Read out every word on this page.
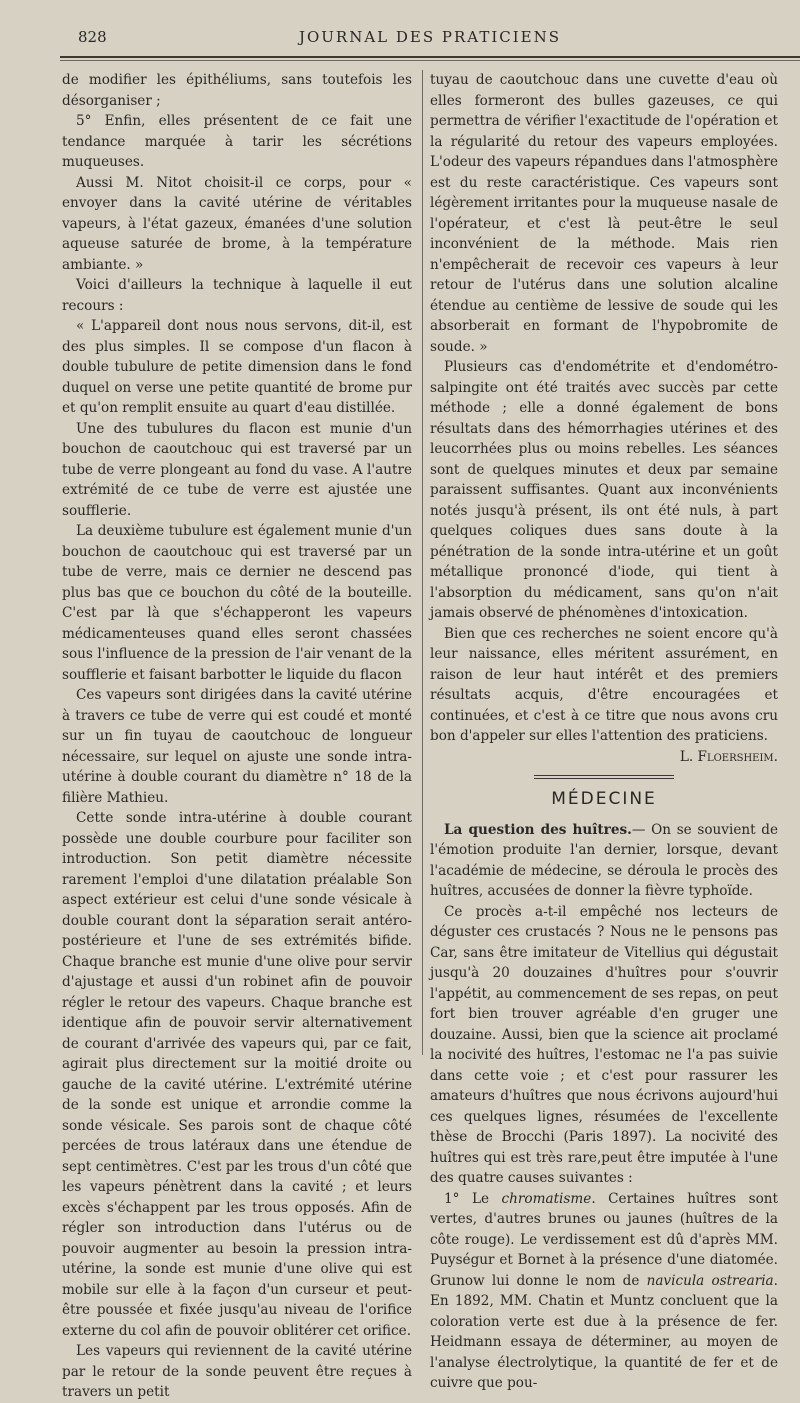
828	JOURNAL DES PRATICIENS

de modifier les épithéliums, sans toutefois les désorganiser ;

5° Enfin, elles présentent de ce fait une tendance marquée à tarir les sécrétions muqueuses.

Aussi M. Nitot choisit-il ce corps, pour « envoyer dans la cavité utérine de véritables vapeurs, à l'état gazeux, émanées d'une solution aqueuse saturée de brome, à la température ambiante. »

Voici d'ailleurs la technique à laquelle il eut recours :

« L'appareil dont nous nous servons, dit-il, est des plus simples. Il se compose d'un flacon à double tubulure de petite dimension dans le fond duquel on verse une petite quantité de brome pur et qu'on remplit ensuite au quart d'eau distillée.

Une des tubulures du flacon est munie d'un bouchon de caoutchouc qui est traversé par un tube de verre plongeant au fond du vase. A l'autre extrémité de ce tube de verre est ajustée une soufflerie.

La deuxième tubulure est également munie d'un bouchon de caoutchouc qui est traversé par un tube de verre, mais ce dernier ne descend pas plus bas que ce bouchon du côté de la bouteille. C'est par là que s'échapperont les vapeurs médicamenteuses quand elles seront chassées sous l'influence de la pression de l'air venant de la soufflerie et faisant barbotter le liquide du flacon

Ces vapeurs sont dirigées dans la cavité utérine à travers ce tube de verre qui est coudé et monté sur un fin tuyau de caoutchouc de longueur nécessaire, sur lequel on ajuste une sonde intra-utérine à double courant du diamètre n° 18 de la filière Mathieu.

Cette sonde intra-utérine à double courant possède une double courbure pour faciliter son introduction. Son petit diamètre nécessite rarement l'emploi d'une dilatation préalable Son aspect extérieur est celui d'une sonde vésicale à double courant dont la séparation serait antéro-postérieure et l'une de ses extrémités bifide. Chaque branche est munie d'une olive pour servir d'ajustage et aussi d'un robinet afin de pouvoir régler le retour des vapeurs. Chaque branche est identique afin de pouvoir servir alternativement de courant d'arrivée des vapeurs qui, par ce fait, agirait plus directement sur la moitié droite ou gauche de la cavité utérine. L'extrémité utérine de la sonde est unique et arrondie comme la sonde vésicale. Ses parois sont de chaque côté percées de trous latéraux dans une étendue de sept centimètres. C'est par les trous d'un côté que les vapeurs pénètrent dans la cavité ; et leurs excès s'échappent par les trous opposés. Afin de régler son introduction dans l'utérus ou de pouvoir augmenter au besoin la pression intra-utérine, la sonde est munie d'une olive qui est mobile sur elle à la façon d'un curseur et peut-être poussée et fixée jusqu'au niveau de l'orifice externe du col afin de pouvoir oblitérer cet orifice.

Les vapeurs qui reviennent de la cavité utérine par le retour de la sonde peuvent être reçues à travers un petit

tuyau de caoutchouc dans une cuvette d'eau où elles formeront des bulles gazeuses, ce qui permettra de vérifier l'exactitude de l'opération et la régularité du retour des vapeurs employées. L'odeur des vapeurs répandues dans l'atmosphère est du reste caractéristique. Ces vapeurs sont légèrement irritantes pour la muqueuse nasale de l'opérateur, et c'est là peut-être le seul inconvénient de la méthode. Mais rien n'empêcherait de recevoir ces vapeurs à leur retour de l'utérus dans une solution alcaline étendue au centième de lessive de soude qui les absorberait en formant de l'hypobromite de soude. »

Plusieurs cas d'endométrite et d'endométro-salpingite ont été traités avec succès par cette méthode ; elle a donné également de bons résultats dans des hémorrhagies utérines et des leucorrhées plus ou moins rebelles. Les séances sont de quelques minutes et deux par semaine paraissent suffisantes. Quant aux inconvénients notés jusqu'à présent, ils ont été nuls, à part quelques coliques dues sans doute à la pénétration de la sonde intra-utérine et un goût métallique prononcé d'iode, qui tient à l'absorption du médicament, sans qu'on n'ait jamais observé de phénomènes d'intoxication.

Bien que ces recherches ne soient encore qu'à leur naissance, elles méritent assurément, en raison de leur haut intérêt et des premiers résultats acquis, d'être encouragées et continuées, et c'est à ce titre que nous avons cru bon d'appeler sur elles l'attention des praticiens.

L. Floersheim.

MÉDECINE

La question des huîtres.— On se souvient de l'émotion produite l'an dernier, lorsque, devant l'académie de médecine, se déroula le procès des huîtres, accusées de donner la fièvre typhoïde.

Ce procès a-t-il empêché nos lecteurs de déguster ces crustacés ? Nous ne le pensons pas Car, sans être imitateur de Vitellius qui dégustait jusqu'à 20 douzaines d'huîtres pour s'ouvrir l'appétit, au commencement de ses repas, on peut fort bien trouver agréable d'en gruger une douzaine. Aussi, bien que la science ait proclamé la nocivité des huîtres, l'estomac ne l'a pas suivie dans cette voie ; et c'est pour rassurer les amateurs d'huîtres que nous écrivons aujourd'hui ces quelques lignes, résumées de l'excellente thèse de Brocchi (Paris 1897). La nocivité des huîtres qui est très rare,peut être imputée à l'une des quatre causes suivantes :

1° Le chromatisme. Certaines huîtres sont vertes, d'autres brunes ou jaunes (huîtres de la côte rouge). Le verdissement est dû d'après MM. Puységur et Bornet à la présence d'une diatomée. Grunow lui donne le nom de navicula ostrearia. En 1892, MM. Chatin et Muntz concluent que la coloration verte est due à la présence de fer. Heidmann essaya de déterminer, au moyen de l'analyse électrolytique, la quantité de fer et de cuivre que pou-
